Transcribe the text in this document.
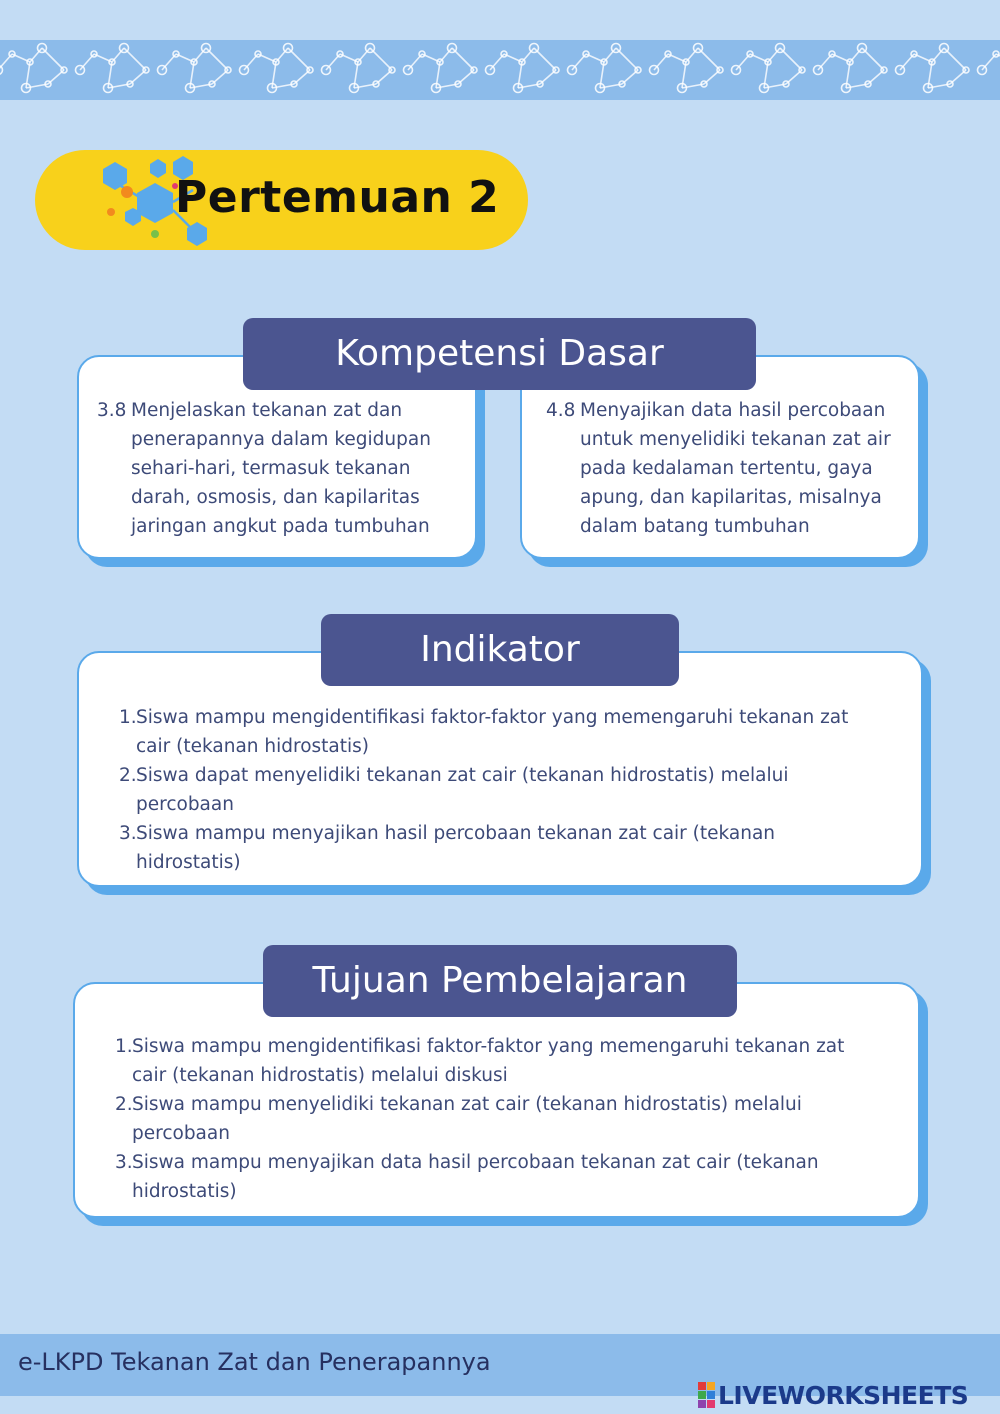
Pertemuan 2
3.8 Menjelaskan tekanan zat dan
penerapannya dalam kegidupan
sehari-hari, termasuk tekanan
darah, osmosis, dan kapilaritas
jaringan angkut pada tumbuhan
4.8 Menyajikan data hasil percobaan
untuk menyelidiki tekanan zat air
pada kedalaman tertentu, gaya
apung, dan kapilaritas, misalnya
dalam batang tumbuhan
Kompetensi Dasar
1. Siswa mampu mengidentifikasi faktor-faktor yang memengaruhi tekanan zat
cair (tekanan hidrostatis)
2. Siswa dapat menyelidiki tekanan zat cair (tekanan hidrostatis) melalui
percobaan
3. Siswa mampu menyajikan hasil percobaan tekanan zat cair (tekanan
hidrostatis)
Indikator
1. Siswa mampu mengidentifikasi faktor-faktor yang memengaruhi tekanan zat
cair (tekanan hidrostatis) melalui diskusi
2. Siswa mampu menyelidiki tekanan zat cair (tekanan hidrostatis) melalui
percobaan
3. Siswa mampu menyajikan data hasil percobaan tekanan zat cair (tekanan
hidrostatis)
Tujuan Pembelajaran
e-LKPD Tekanan Zat dan Penerapannya
LIVEWORKSHEETS
